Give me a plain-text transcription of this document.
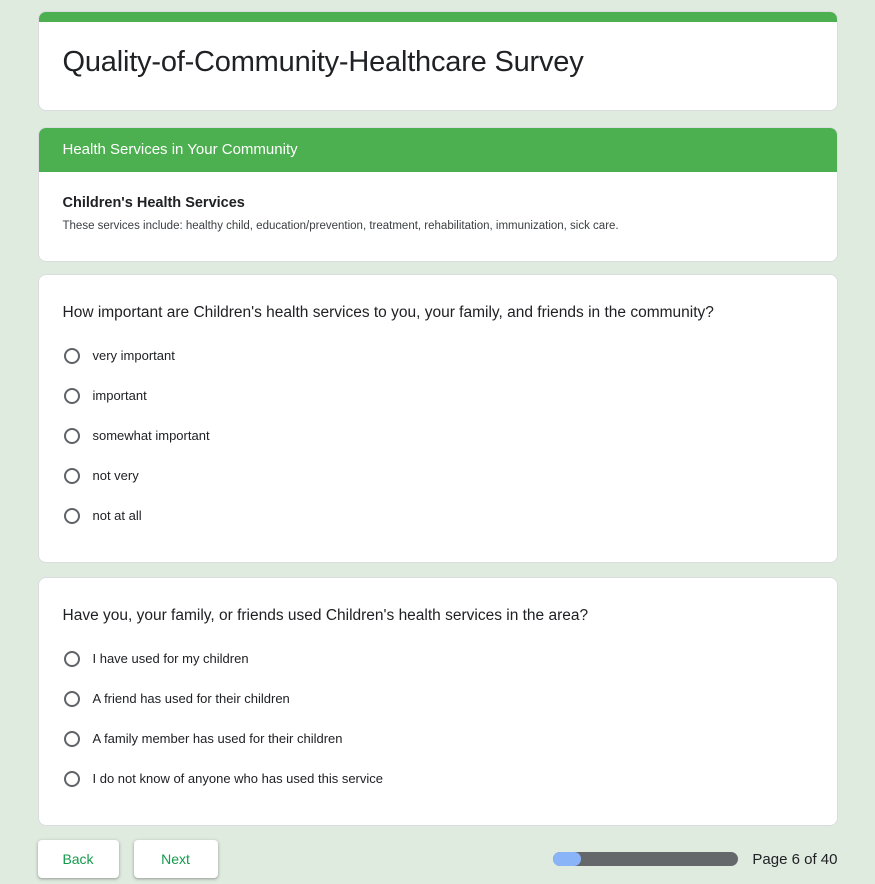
Quality-of-Community-Healthcare Survey
Health Services in Your Community
Children's Health Services
These services include: healthy child, education/prevention, treatment, rehabilitation, immunization, sick care.
How important are Children's health services to you, your family, and friends in the community?
very important
important
somewhat important
not very
not at all
Have you, your family, or friends used Children's health services in the area?
I have used for my children
A friend has used for their children
A family member has used for their children
I do not know of anyone who has used this service
Back	Next	Page 6 of 40
